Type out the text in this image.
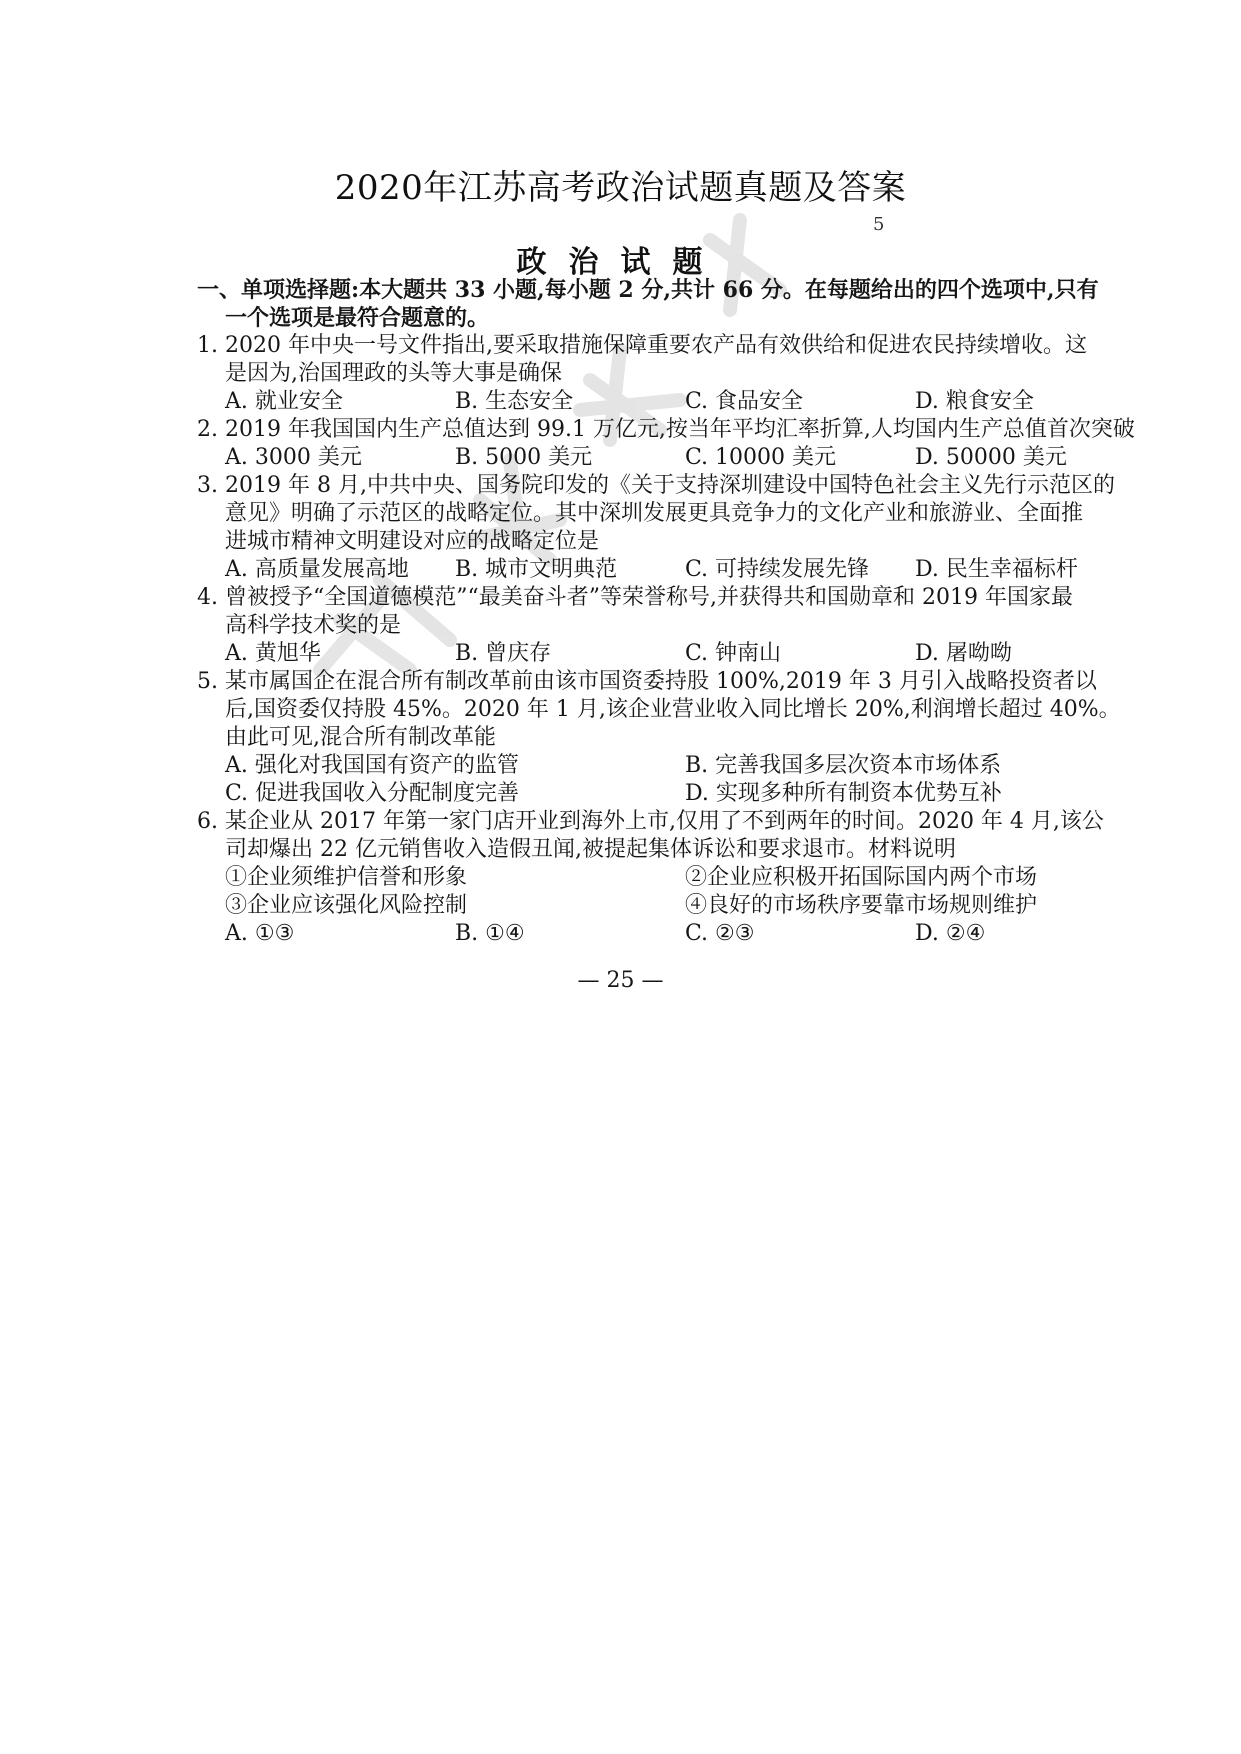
2020年江苏高考政治试题真题及答案
5
政治试题
一、单项选择题:本大题共 33 小题,每小题 2 分,共计 66 分。在每题给出的四个选项中,只有
一个选项是最符合题意的。
1. 2020 年中央一号文件指出,要采取措施保障重要农产品有效供给和促进农民持续增收。这
是因为,治国理政的头等大事是确保
A. 就业安全	B. 生态安全	C. 食品安全	D. 粮食安全
2. 2019 年我国国内生产总值达到 99.1 万亿元,按当年平均汇率折算,人均国内生产总值首次突破
A. 3000 美元	B. 5000 美元	C. 10000 美元	D. 50000 美元
3. 2019 年 8 月,中共中央、国务院印发的《关于支持深圳建设中国特色社会主义先行示范区的
意见》明确了示范区的战略定位。其中深圳发展更具竞争力的文化产业和旅游业、全面推
进城市精神文明建设对应的战略定位是
A. 高质量发展高地	B. 城市文明典范	C. 可持续发展先锋	D. 民生幸福标杆
4. 曾被授予“全国道德模范”“最美奋斗者”等荣誉称号,并获得共和国勋章和 2019 年国家最
高科学技术奖的是
A. 黄旭华	B. 曾庆存	C. 钟南山	D. 屠呦呦
5. 某市属国企在混合所有制改革前由该市国资委持股 100%,2019 年 3 月引入战略投资者以
后,国资委仅持股 45%。2020 年 1 月,该企业营业收入同比增长 20%,利润增长超过 40%。
由此可见,混合所有制改革能
A. 强化对我国国有资产的监管	B. 完善我国多层次资本市场体系
C. 促进我国收入分配制度完善	D. 实现多种所有制资本优势互补
6. 某企业从 2017 年第一家门店开业到海外上市,仅用了不到两年的时间。2020 年 4 月,该公
司却爆出 22 亿元销售收入造假丑闻,被提起集体诉讼和要求退市。材料说明
①企业须维护信誉和形象	②企业应积极开拓国际国内两个市场
③企业应该强化风险控制	④良好的市场秩序要靠市场规则维护
A. ①③	B. ①④	C. ②③	D. ②④
— 25 —
